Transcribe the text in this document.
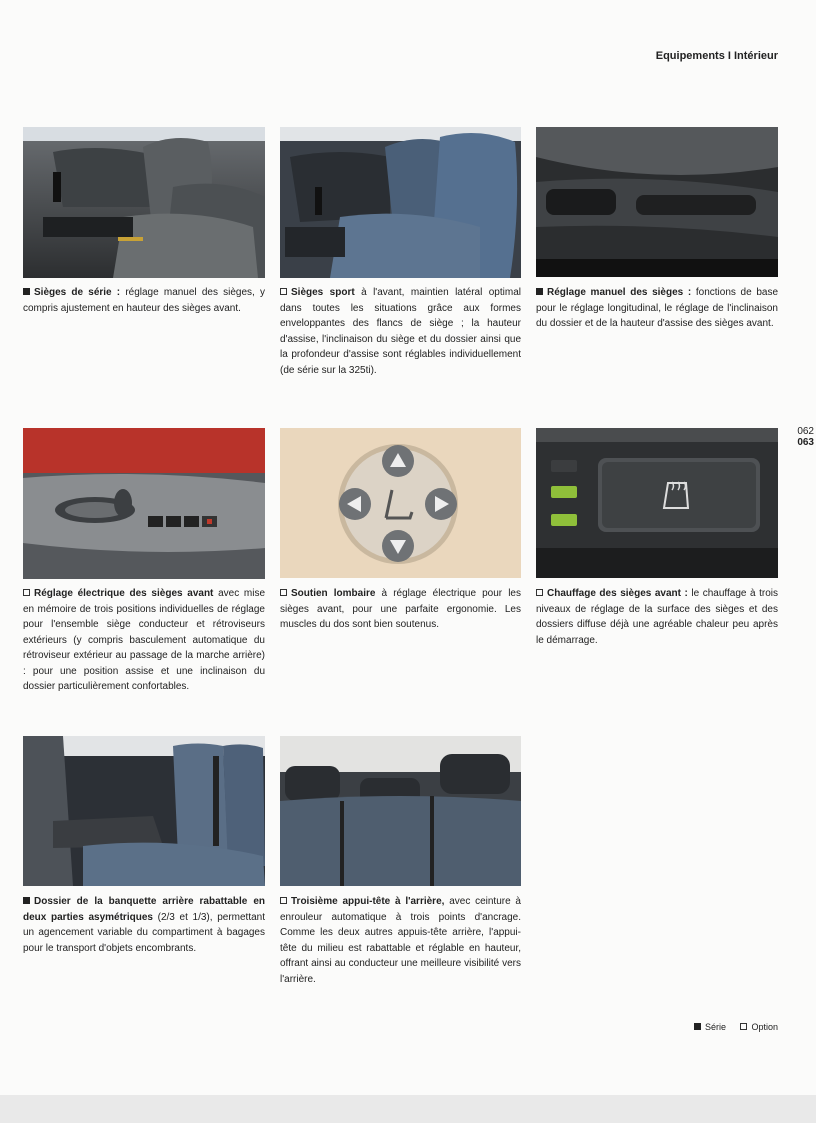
Equipements I Intérieur
062
063
Sièges de série : réglage manuel des sièges, y compris ajustement en hauteur des sièges avant.
Sièges sport à l'avant, maintien latéral optimal dans toutes les situations grâce aux formes enveloppantes des flancs de siège ; la hauteur d'assise, l'inclinaison du siège et du dossier ainsi que la profondeur d'assise sont réglables individuellement (de série sur la 325ti).
Réglage manuel des sièges : fonctions de base pour le réglage longitudinal, le réglage de l'inclinaison du dossier et de la hauteur d'assise des sièges avant.
Réglage électrique des sièges avant avec mise en mémoire de trois positions individuelles de réglage pour l'ensemble siège conducteur et rétroviseurs extérieurs (y compris basculement automatique du rétroviseur extérieur au passage de la marche arrière) : pour une position assise et une inclinaison du dossier particulièrement confortables.
Soutien lombaire à réglage électrique pour les sièges avant, pour une parfaite ergonomie. Les muscles du dos sont bien soutenus.
Chauffage des sièges avant : le chauffage à trois niveaux de réglage de la surface des sièges et des dossiers diffuse déjà une agréable chaleur peu après le démarrage.
Dossier de la banquette arrière rabattable en deux parties asymétriques (2/3 et 1/3), permettant un agencement variable du compartiment à bagages pour le transport d'objets encombrants.
Troisième appui-tête à l'arrière, avec ceinture à enrouleur automatique à trois points d'ancrage. Comme les deux autres appuis-tête arrière, l'appui-tête du milieu est rabattable et réglable en hauteur, offrant ainsi au conducteur une meilleure visibilité vers l'arrière.
Série	Option
